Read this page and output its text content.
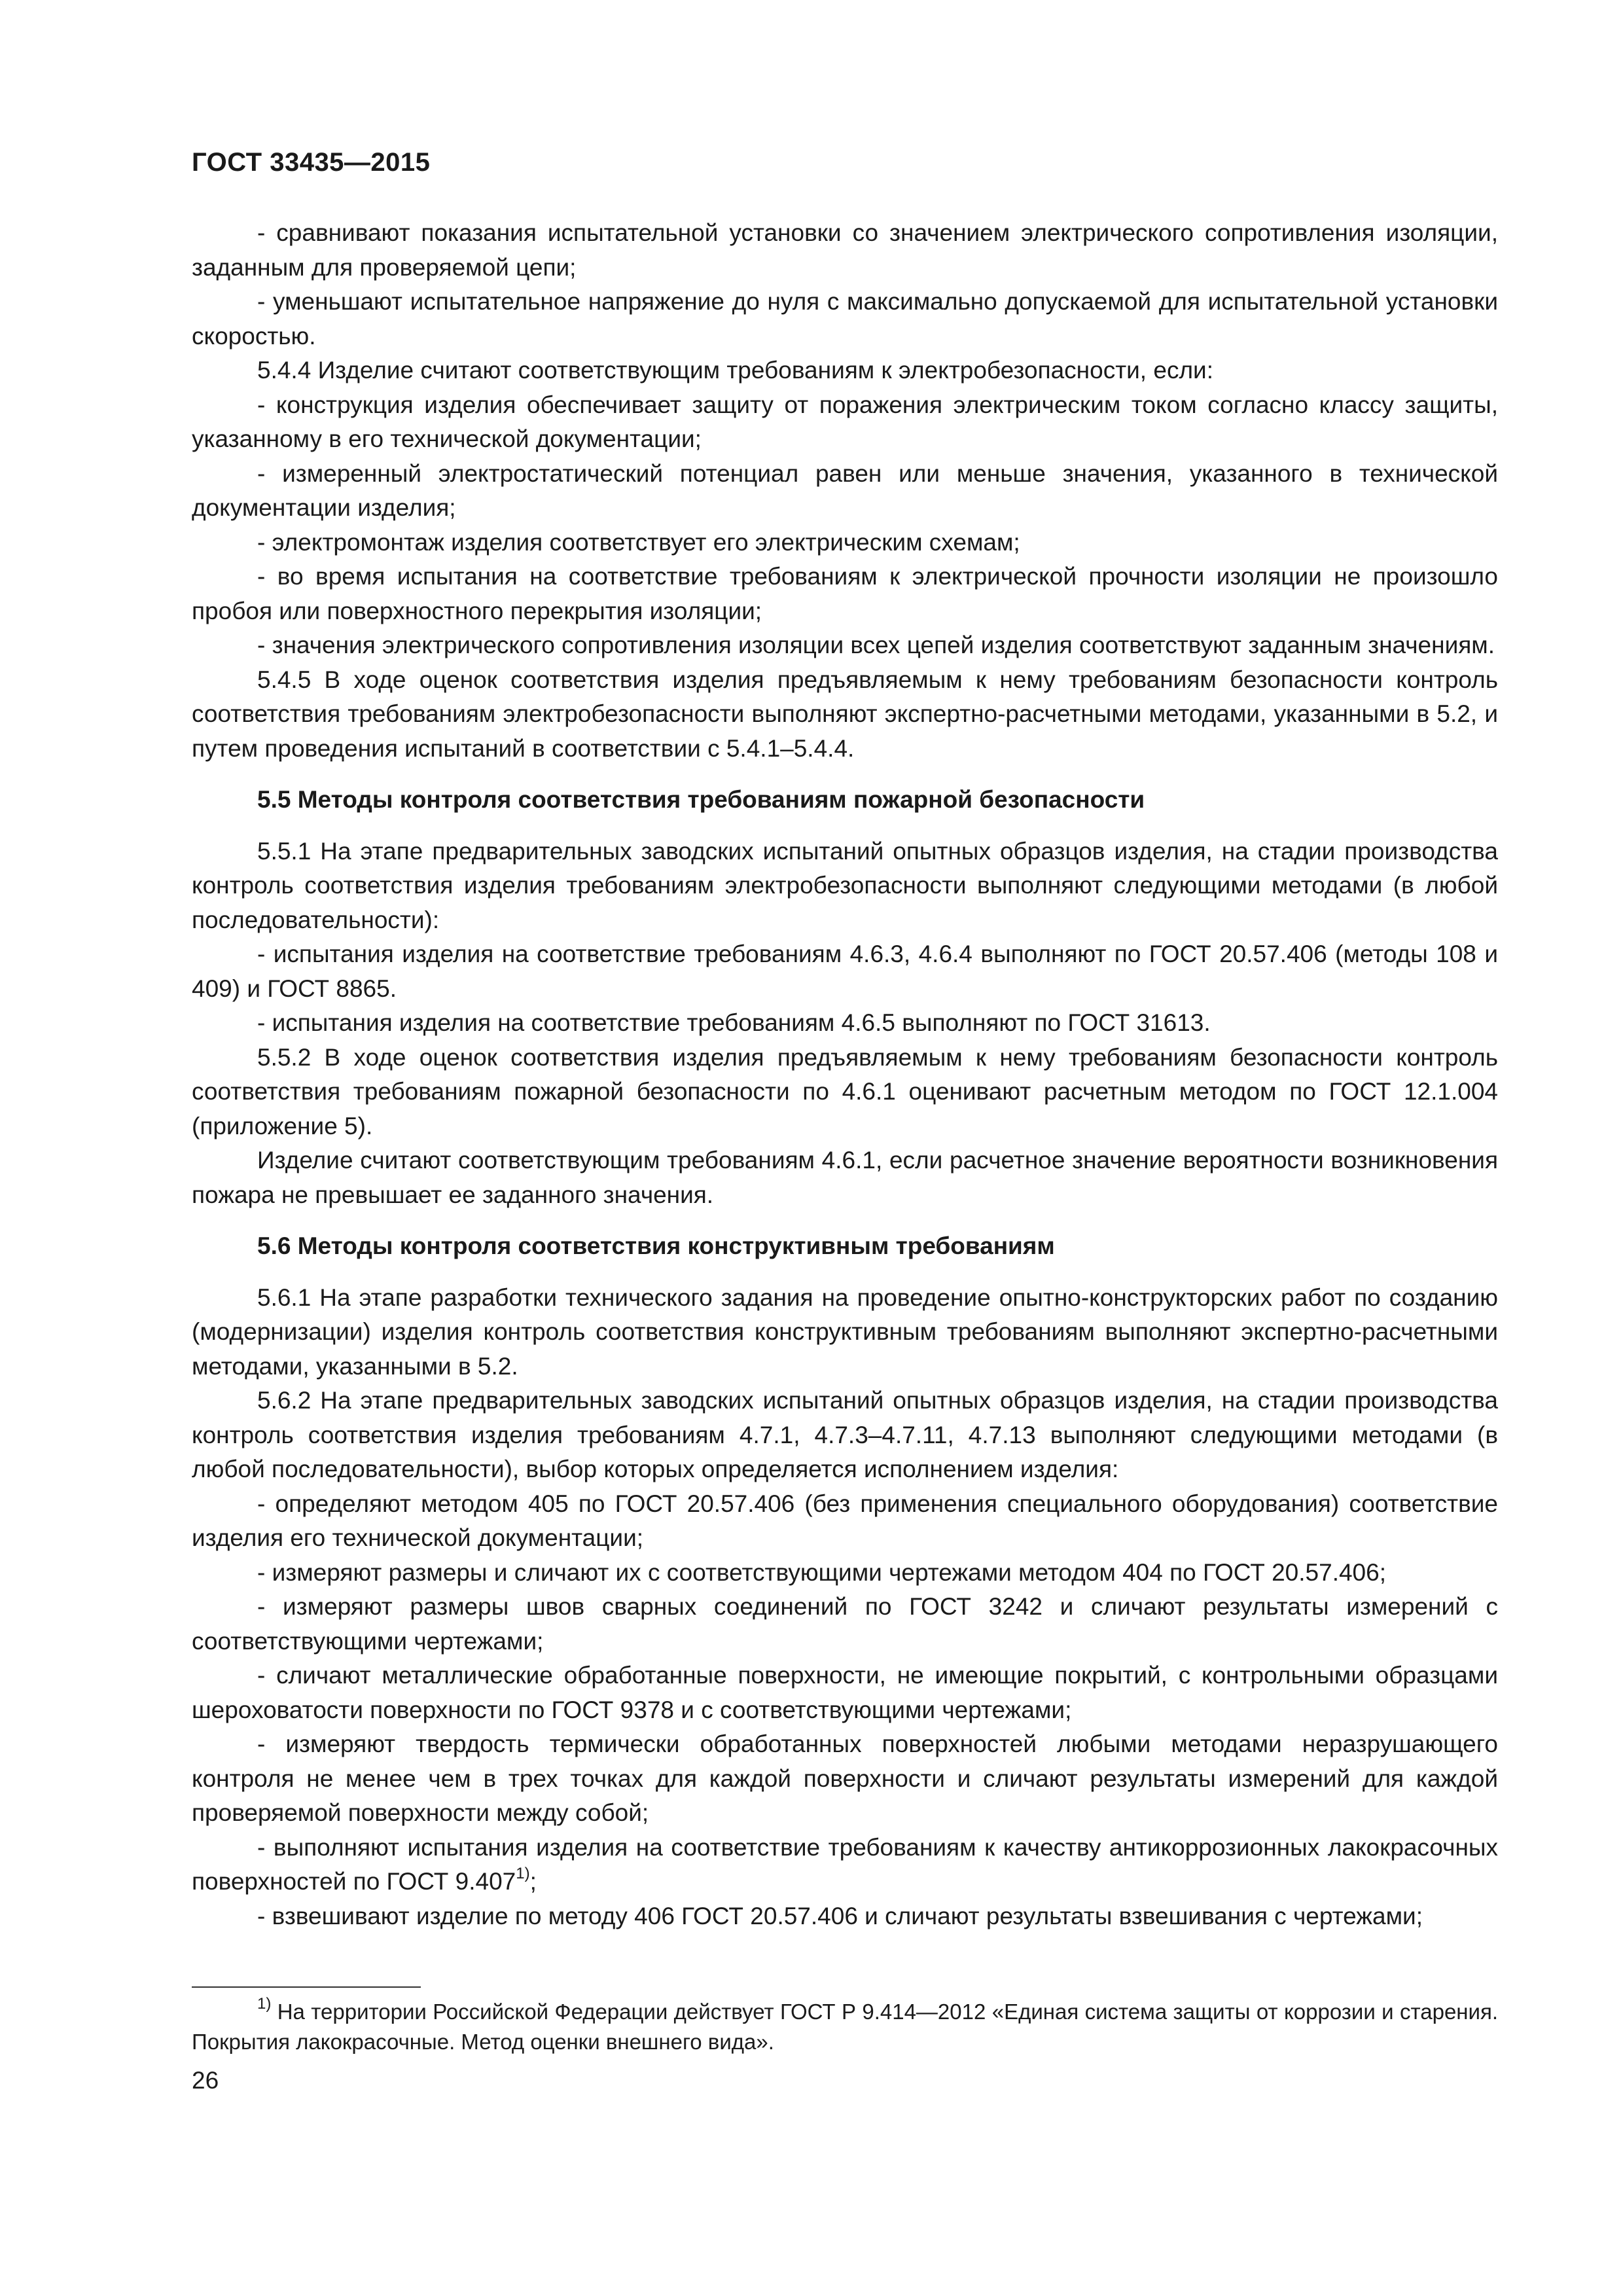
ГОСТ 33435—2015

- сравнивают показания испытательной установки со значением электрического сопротивления изоляции, заданным для проверяемой цепи;

- уменьшают испытательное напряжение до нуля с максимально допускаемой для испытательной установки скоростью.

5.4.4 Изделие считают соответствующим требованиям к электробезопасности, если:

- конструкция изделия обеспечивает защиту от поражения электрическим током согласно классу защиты, указанному в его технической документации;

- измеренный электростатический потенциал равен или меньше значения, указанного в технической документации изделия;

- электромонтаж изделия соответствует его электрическим схемам;

- во время испытания на соответствие требованиям к электрической прочности изоляции не произошло пробоя или поверхностного перекрытия изоляции;

- значения электрического сопротивления изоляции всех цепей изделия соответствуют заданным значениям.

5.4.5 В ходе оценок соответствия изделия предъявляемым к нему требованиям безопасности контроль соответствия требованиям электробезопасности выполняют экспертно-расчетными методами, указанными в 5.2, и путем проведения испытаний в соответствии с 5.4.1–5.4.4.

5.5 Методы контроля соответствия требованиям пожарной безопасности

5.5.1 На этапе предварительных заводских испытаний опытных образцов изделия, на стадии производства контроль соответствия изделия требованиям электробезопасности выполняют следующими методами (в любой последовательности):

- испытания изделия на соответствие требованиям 4.6.3, 4.6.4 выполняют по ГОСТ 20.57.406 (методы 108 и 409) и ГОСТ 8865.

- испытания изделия на соответствие требованиям 4.6.5 выполняют по ГОСТ 31613.

5.5.2 В ходе оценок соответствия изделия предъявляемым к нему требованиям безопасности контроль соответствия требованиям пожарной безопасности по 4.6.1 оценивают расчетным методом по ГОСТ 12.1.004 (приложение 5).

Изделие считают соответствующим требованиям 4.6.1, если расчетное значение вероятности возникновения пожара не превышает ее заданного значения.

5.6 Методы контроля соответствия конструктивным требованиям

5.6.1 На этапе разработки технического задания на проведение опытно-конструкторских работ по созданию (модернизации) изделия контроль соответствия конструктивным требованиям выполняют экспертно-расчетными методами, указанными в 5.2.

5.6.2 На этапе предварительных заводских испытаний опытных образцов изделия, на стадии производства контроль соответствия изделия требованиям 4.7.1, 4.7.3–4.7.11, 4.7.13 выполняют следующими методами (в любой последовательности), выбор которых определяется исполнением изделия:

- определяют методом 405 по ГОСТ 20.57.406 (без применения специального оборудования) соответствие изделия его технической документации;

- измеряют размеры и сличают их с соответствующими чертежами методом 404 по ГОСТ 20.57.406;

- измеряют размеры швов сварных соединений по ГОСТ 3242 и сличают результаты измерений с соответствующими чертежами;

- сличают металлические обработанные поверхности, не имеющие покрытий, с контрольными образцами шероховатости поверхности по ГОСТ 9378 и с соответствующими чертежами;

- измеряют твердость термически обработанных поверхностей любыми методами неразрушающего контроля не менее чем в трех точках для каждой поверхности и сличают результаты измерений для каждой проверяемой поверхности между собой;

- выполняют испытания изделия на соответствие требованиям к качеству антикоррозионных лакокрасочных поверхностей по ГОСТ 9.407$^{1)}$;

- взвешивают изделие по методу 406 ГОСТ 20.57.406 и сличают результаты взвешивания с чертежами;

$^{1)}$ На территории Российской Федерации действует ГОСТ Р 9.414—2012 «Единая система защиты от коррозии и старения. Покрытия лакокрасочные. Метод оценки внешнего вида».

26
